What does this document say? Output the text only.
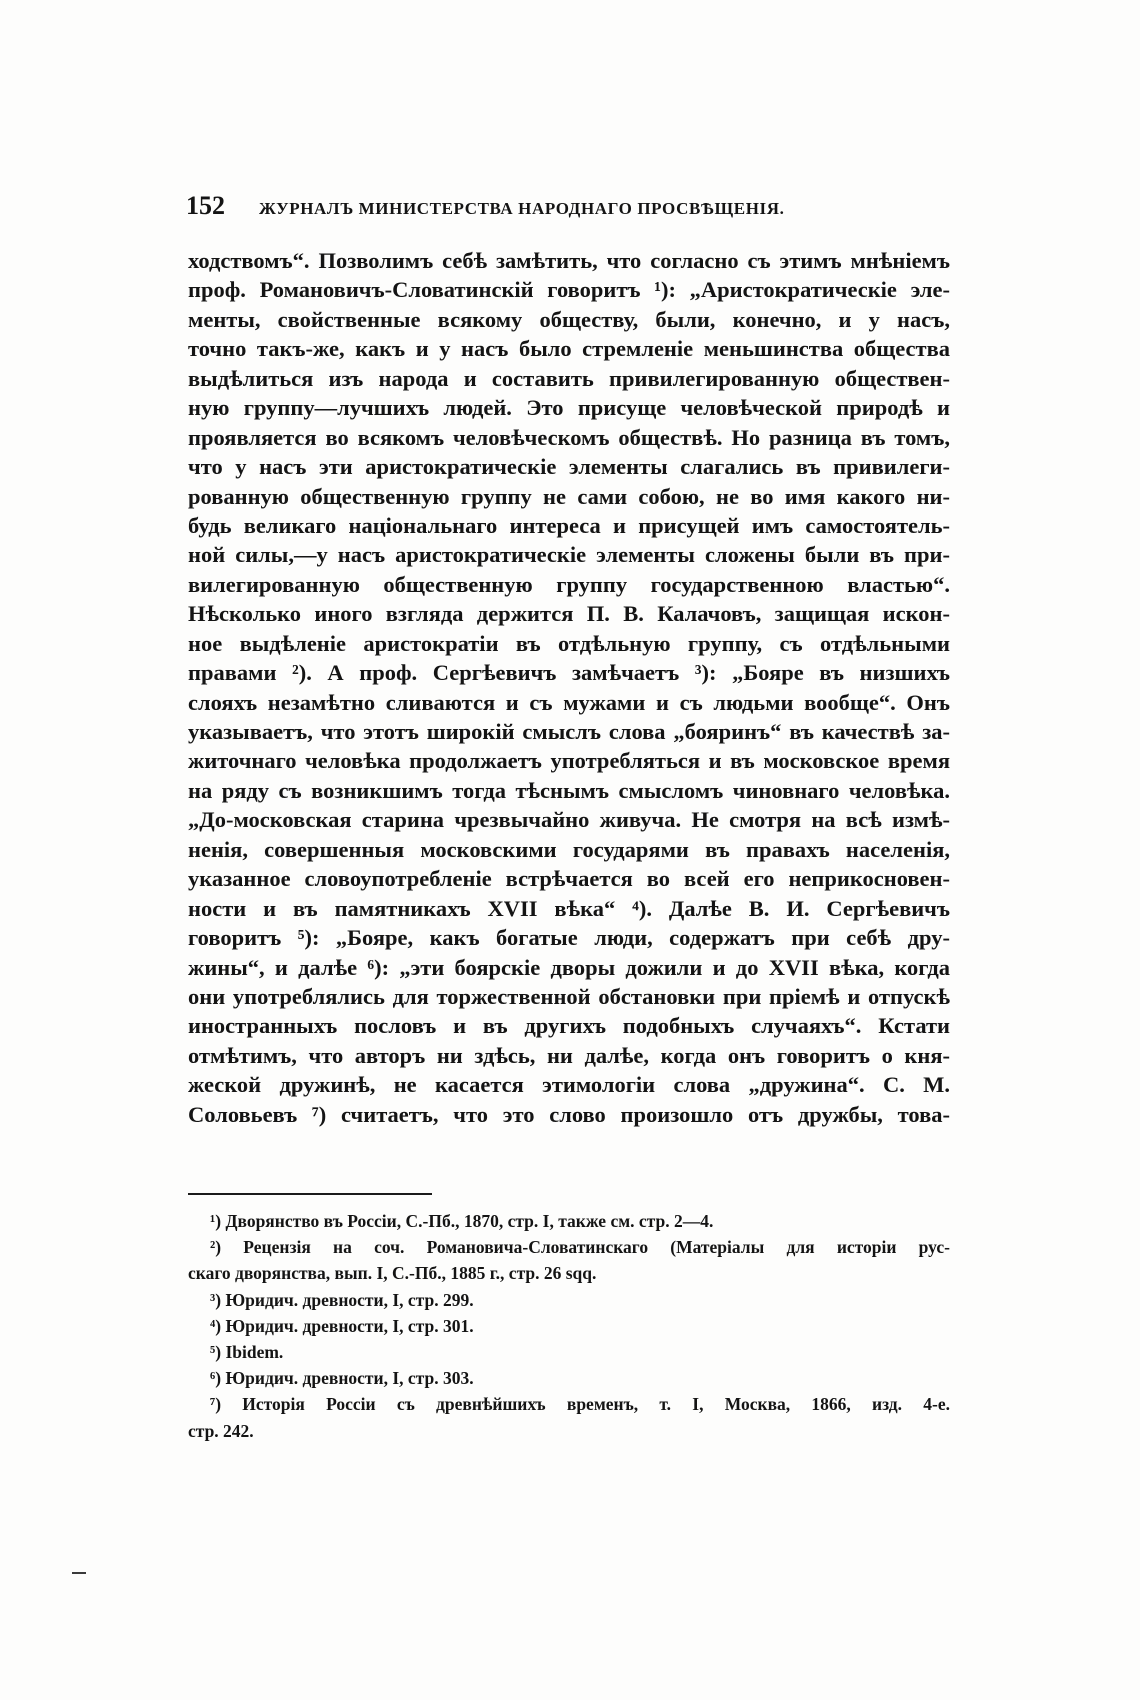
152 ЖУРНАЛЪ МИНИСТЕРСТВА НАРОДНАГО ПРОСВѢЩЕНІЯ.
ходствомъ“. Позволимъ себѣ замѣтить, что согласно съ этимъ мнѣніемъ
проф. Романовичъ-Словатинскій говоритъ ¹): „Аристократическіе эле-
менты, свойственные всякому обществу, были, конечно, и у насъ,
точно такъ-же, какъ и у насъ было стремленіе меньшинства общества
выдѣлиться изъ народа и составить привилегированную обществен-
ную группу—лучшихъ людей. Это присуще человѣческой природѣ и
проявляется во всякомъ человѣческомъ обществѣ. Но разница въ томъ,
что у насъ эти аристократическіе элементы слагались въ привилеги-
рованную общественную группу не сами собою, не во имя какого ни-
будь великаго національнаго интереса и присущей имъ самостоятель-
ной силы,—у насъ аристократическіе элементы сложены были въ при-
вилегированную общественную группу государственною властью“.
Нѣсколько иного взгляда держится П. В. Калачовъ, защищая искон-
ное выдѣленіе аристократіи въ отдѣльную группу, съ отдѣльными
правами ²). А проф. Сергѣевичъ замѣчаетъ ³): „Бояре въ низшихъ
слояхъ незамѣтно сливаются и съ мужами и съ людьми вообще“. Онъ
указываетъ, что этотъ широкій смыслъ слова „бояринъ“ въ качествѣ за-
житочнаго человѣка продолжаетъ употребляться и въ московское время
на ряду съ возникшимъ тогда тѣснымъ смысломъ чиновнаго человѣка.
„До-московская старина чрезвычайно живуча. Не смотря на всѣ измѣ-
ненія, совершенныя московскими государями въ правахъ населенія,
указанное словоупотребленіе встрѣчается во всей его неприкосновен-
ности и въ памятникахъ XVII вѣка“ ⁴). Далѣе В. И. Сергѣевичъ
говоритъ ⁵): „Бояре, какъ богатые люди, содержатъ при себѣ дру-
жины“, и далѣе ⁶): „эти боярскіе дворы дожили и до XVII вѣка, когда
они употреблялись для торжественной обстановки при пріемѣ и отпускѣ
иностранныхъ пословъ и въ другихъ подобныхъ случаяхъ“. Кстати
отмѣтимъ, что авторъ ни здѣсь, ни далѣе, когда онъ говоритъ о кня-
жеской дружинѣ, не касается этимологіи слова „дружина“. С. М.
Соловьевъ ⁷) считаетъ, что это слово произошло отъ дружбы, това-
¹) Дворянство въ Россіи, С.-Пб., 1870, стр. I, также см. стр. 2—4.
²) Рецензія на соч. Романовича-Словатинскаго (Матеріалы для исторіи рус-
скаго дворянства, вып. I, С.-Пб., 1885 г., стр. 26 sqq.
³) Юридич. древности, I, стр. 299.
⁴) Юридич. древности, I, стр. 301.
⁵) Ibidem.
⁶) Юридич. древности, I, стр. 303.
⁷) Исторія Россіи съ древнѣйшихъ временъ, т. I, Москва, 1866, изд. 4-е.
стр. 242.
